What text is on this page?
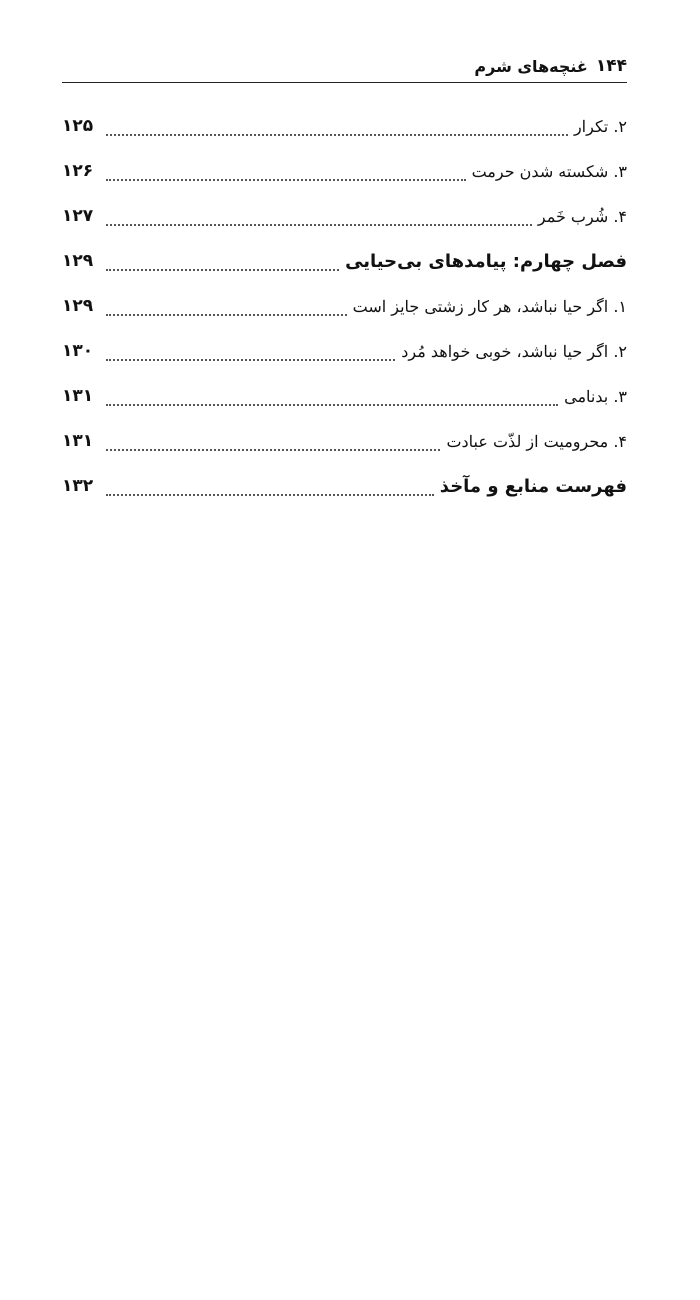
۱۴۴
غنچه‌های شرم
۲. تکرار
۱۲۵
۳. شکسته شدن حرمت
۱۲۶
۴. شُرب خَمر
۱۲۷
فصل چهارم: پیامدهای بی‌حیایی
۱۲۹
۱. اگر حیا نباشد، هر کار زشتی جایز است
۱۲۹
۲. اگر حیا نباشد، خوبی خواهد مُرد
۱۳۰
۳. بدنامی
۱۳۱
۴. محرومیت از لذّت عبادت
۱۳۱
فهرست منابع و مآخذ
۱۳۲
